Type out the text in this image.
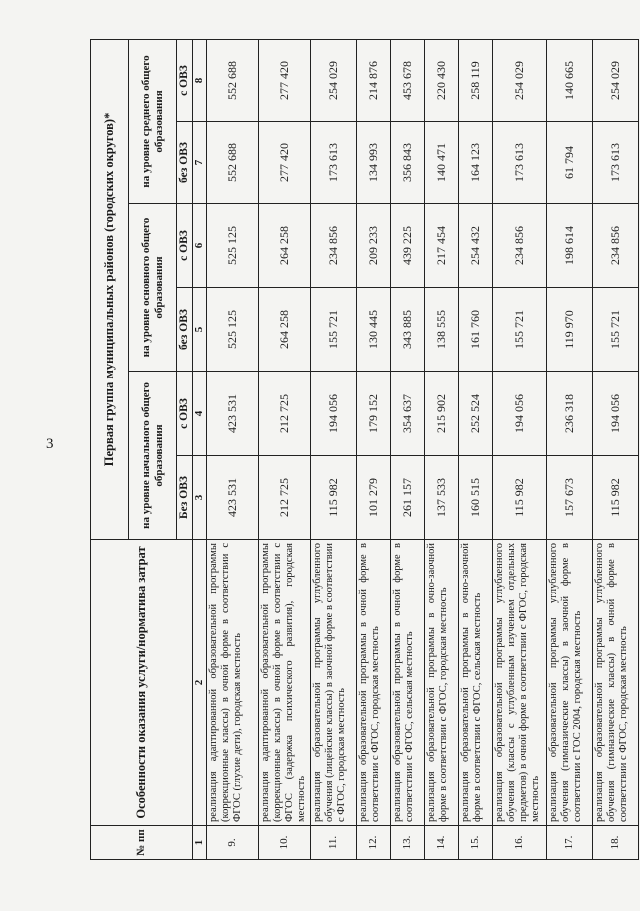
3
№ пп	Особенности оказания услуги/норматива затрат	Первая группа муниципальных районов (городских округов)*					
		на уровне начального общего образования		на уровне основного общего образования		на уровне среднего общего образования	
		Без ОВЗ	с ОВЗ	без ОВЗ	с ОВЗ	без ОВЗ	с ОВЗ
1	2	3	4	5	6	7	8
9.	реализация адаптированной образовательной программы (коррекционные классы) в очной форме в соответствии с ФГОС (глухие дети), городская местность	423 531	423 531	525 125	525 125	552 688	552 688
10.	реализация адаптированной образовательной программы (коррекционные классы) в очной форме в соответствии с ФГОС (задержка психического развития), городская местность	212 725	212 725	264 258	264 258	277 420	277 420
11.	реализация образовательной программы углубленного обучения (лицейские классы) в заочной форме в соответствии с ФГОС, городская местность	115 982	194 056	155 721	234 856	173 613	254 029
12.	реализация образовательной программы в очной форме в соответствии с ФГОС, городская местность	101 279	179 152	130 445	209 233	134 993	214 876
13.	реализация образовательной программы в очной форме в соответствии с ФГОС, сельская местность	261 157	354 637	343 885	439 225	356 843	453 678
14.	реализация образовательной программы в очно-заочной форме в соответствии с ФГОС, городская местность	137 533	215 902	138 555	217 454	140 471	220 430
15.	реализация образовательной программы в очно-заочной форме в соответствии с ФГОС, сельская местность	160 515	252 524	161 760	254 432	164 123	258 119
16.	реализация образовательной программы углубленного обучения (классы с углубленным изучением отдельных предметов) в очной форме в соответствии с ФГОС, городская местность	115 982	194 056	155 721	234 856	173 613	254 029
17.	реализация образовательной программы углубленного обучения (гимназические классы) в заочной форме в соответствии с ГОС 2004, городская местность	157 673	236 318	119 970	198 614	61 794	140 665
18.	реализация образовательной программы углубленного обучения (гимназические классы) в очной форме в соответствии с ФГОС, городская местность	115 982	194 056	155 721	234 856	173 613	254 029
